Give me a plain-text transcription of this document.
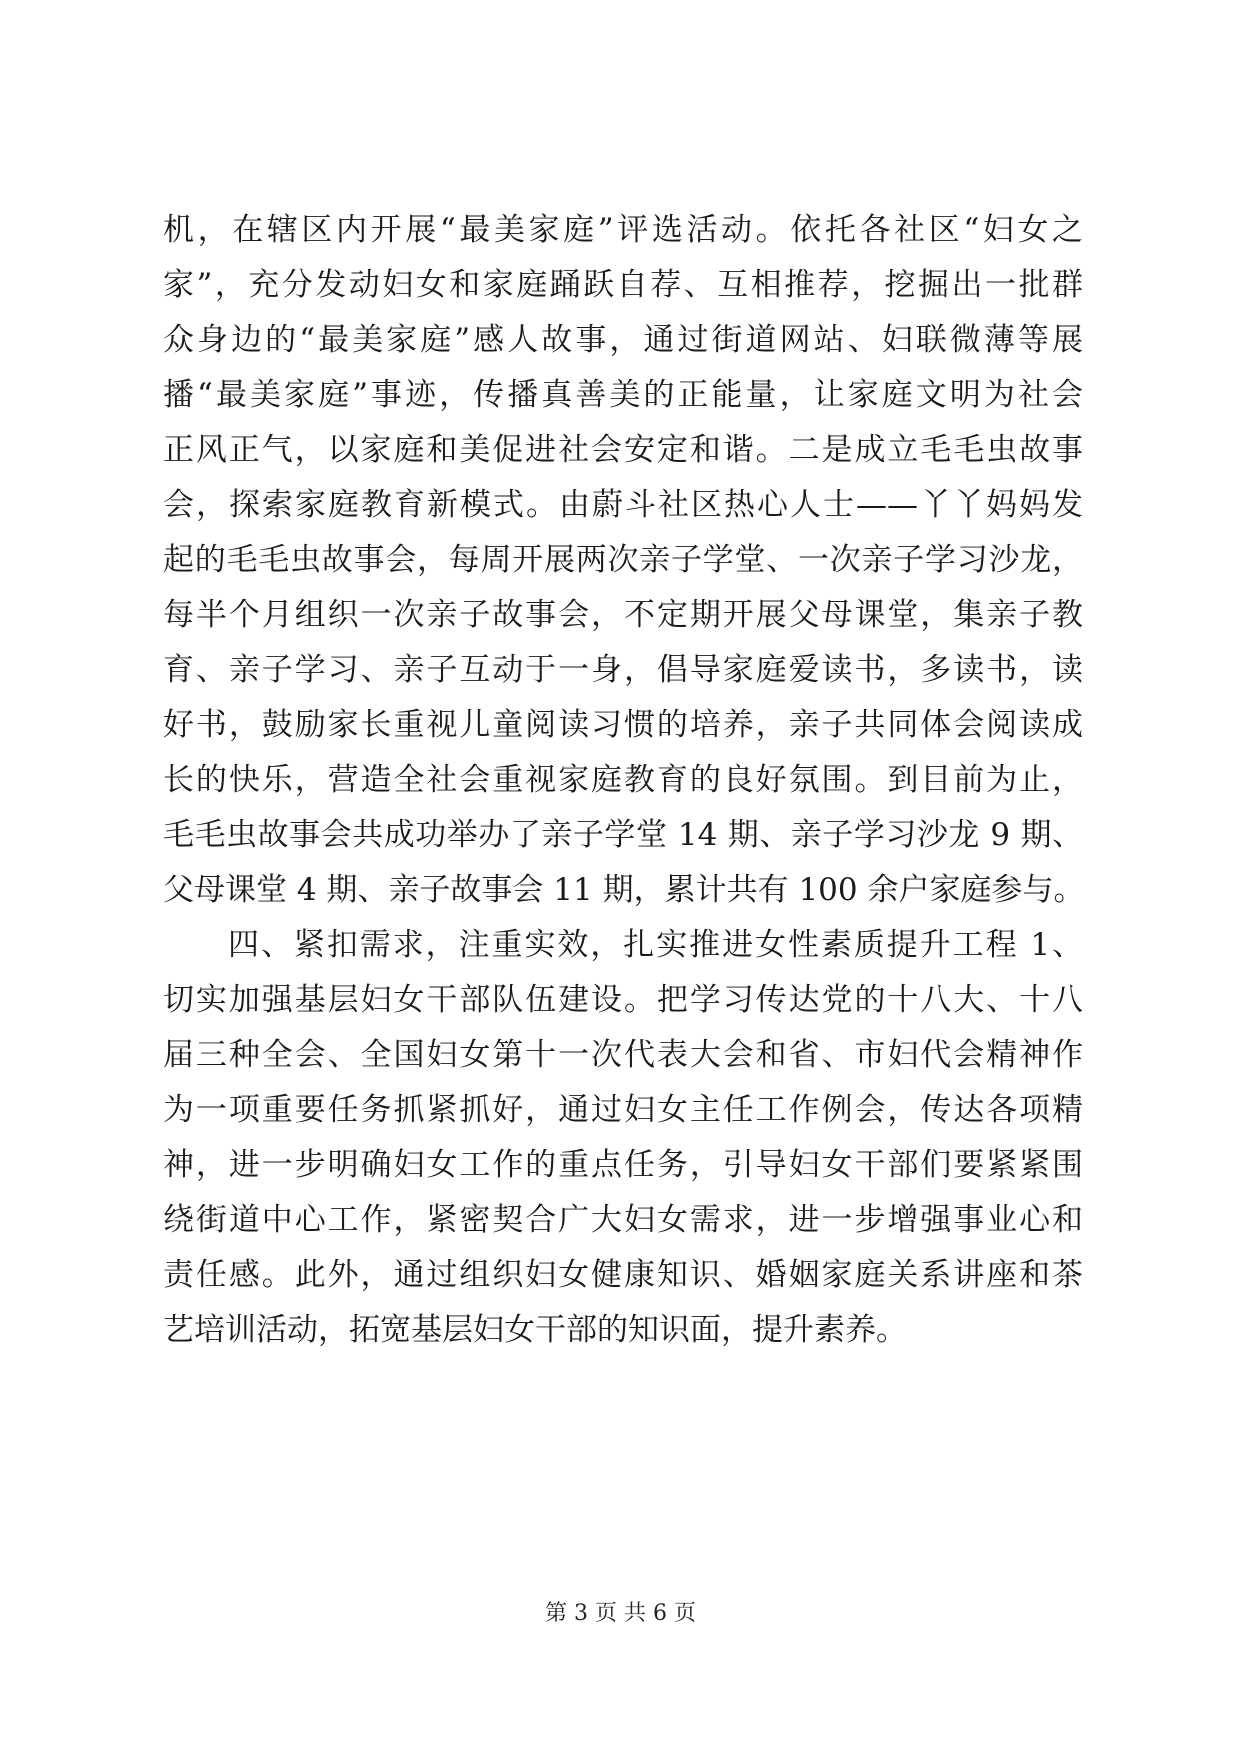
机，在辖区内开展“最美家庭”评选活动。依托各社区“妇女之
家”，充分发动妇女和家庭踊跃自荐、互相推荐，挖掘出一批群
众身边的“最美家庭”感人故事，通过街道网站、妇联微薄等展
播“最美家庭”事迹，传播真善美的正能量，让家庭文明为社会
正风正气，以家庭和美促进社会安定和谐。二是成立毛毛虫故事
会，探索家庭教育新模式。由蔚斗社区热心人士——丫丫妈妈发
起的毛毛虫故事会，每周开展两次亲子学堂、一次亲子学习沙龙，
每半个月组织一次亲子故事会，不定期开展父母课堂，集亲子教
育、亲子学习、亲子互动于一身，倡导家庭爱读书，多读书，读
好书，鼓励家长重视儿童阅读习惯的培养，亲子共同体会阅读成
长的快乐，营造全社会重视家庭教育的良好氛围。到目前为止，
毛毛虫故事会共成功举办了亲子学堂 14 期、亲子学习沙龙 9 期、
父母课堂 4 期、亲子故事会 11 期，累计共有 100 余户家庭参与。
四、紧扣需求，注重实效，扎实推进女性素质提升工程 1、
切实加强基层妇女干部队伍建设。把学习传达党的十八大、十八
届三种全会、全国妇女第十一次代表大会和省、市妇代会精神作
为一项重要任务抓紧抓好，通过妇女主任工作例会，传达各项精
神，进一步明确妇女工作的重点任务，引导妇女干部们要紧紧围
绕街道中心工作，紧密契合广大妇女需求，进一步增强事业心和
责任感。此外，通过组织妇女健康知识、婚姻家庭关系讲座和茶
艺培训活动，拓宽基层妇女干部的知识面，提升素养。
第 3 页 共 6 页
